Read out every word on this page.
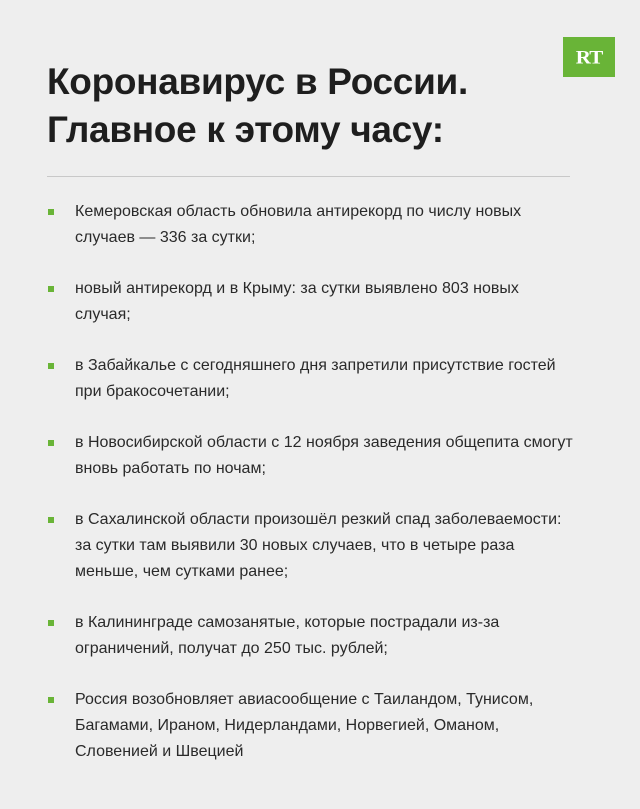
Коронавирус в России.
Главное к этому часу:
RT
Кемеровская область обновила антирекорд по числу новых случаев — 336 за сутки;
новый антирекорд и в Крыму: за сутки выявлено 803 новых случая;
в Забайкалье с сегодняшнего дня запретили присутствие гостей при бракосочетании;
в Новосибирской области с 12 ноября заведения общепита смогут вновь работать по ночам;
в Сахалинской области произошёл резкий спад заболеваемости: за сутки там выявили 30 новых случаев, что в четыре раза меньше, чем сутками ранее;
в Калининграде самозанятые, которые пострадали из-за ограничений, получат до 250 тыс. рублей;
Россия возобновляет авиасообщение с Таиландом, Тунисом, Багамами, Ираном, Нидерландами, Норвегией, Оманом, Словенией и Швецией
